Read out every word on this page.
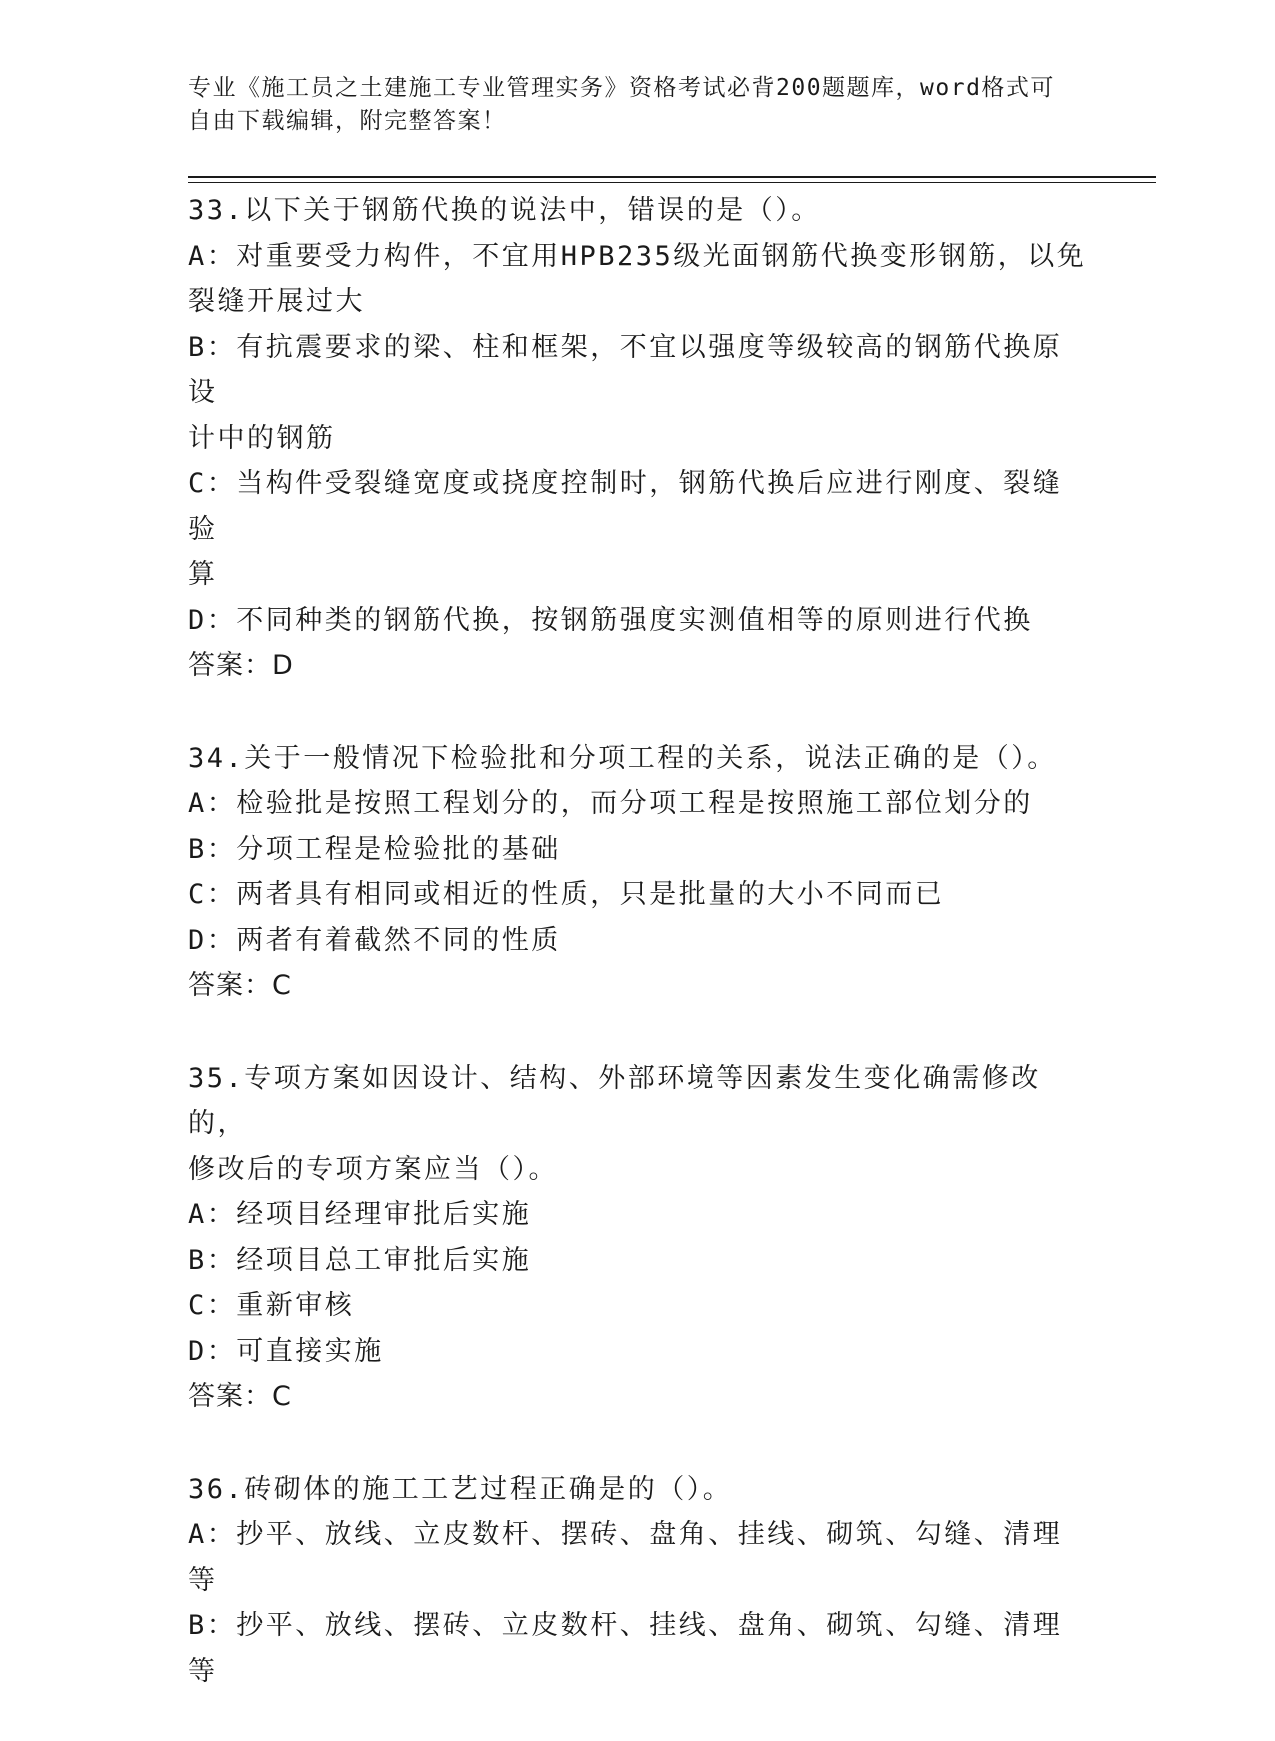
专业《施工员之土建施工专业管理实务》资格考试必背200题题库，word格式可
自由下载编辑，附完整答案！
33.以下关于钢筋代换的说法中，错误的是（）。
A：对重要受力构件，不宜用HPB235级光面钢筋代换变形钢筋，以免
裂缝开展过大
B：有抗震要求的梁、柱和框架，不宜以强度等级较高的钢筋代换原设
计中的钢筋
C：当构件受裂缝宽度或挠度控制时，钢筋代换后应进行刚度、裂缝验
算
D：不同种类的钢筋代换，按钢筋强度实测值相等的原则进行代换
答案：D
34.关于一般情况下检验批和分项工程的关系，说法正确的是（）。
A：检验批是按照工程划分的，而分项工程是按照施工部位划分的
B：分项工程是检验批的基础
C：两者具有相同或相近的性质，只是批量的大小不同而已
D：两者有着截然不同的性质
答案：C
35.专项方案如因设计、结构、外部环境等因素发生变化确需修改的，
修改后的专项方案应当（）。
A：经项目经理审批后实施
B：经项目总工审批后实施
C：重新审核
D：可直接实施
答案：C
36.砖砌体的施工工艺过程正确是的（）。
A：抄平、放线、立皮数杆、摆砖、盘角、挂线、砌筑、勾缝、清理等
B：抄平、放线、摆砖、立皮数杆、挂线、盘角、砌筑、勾缝、清理等
